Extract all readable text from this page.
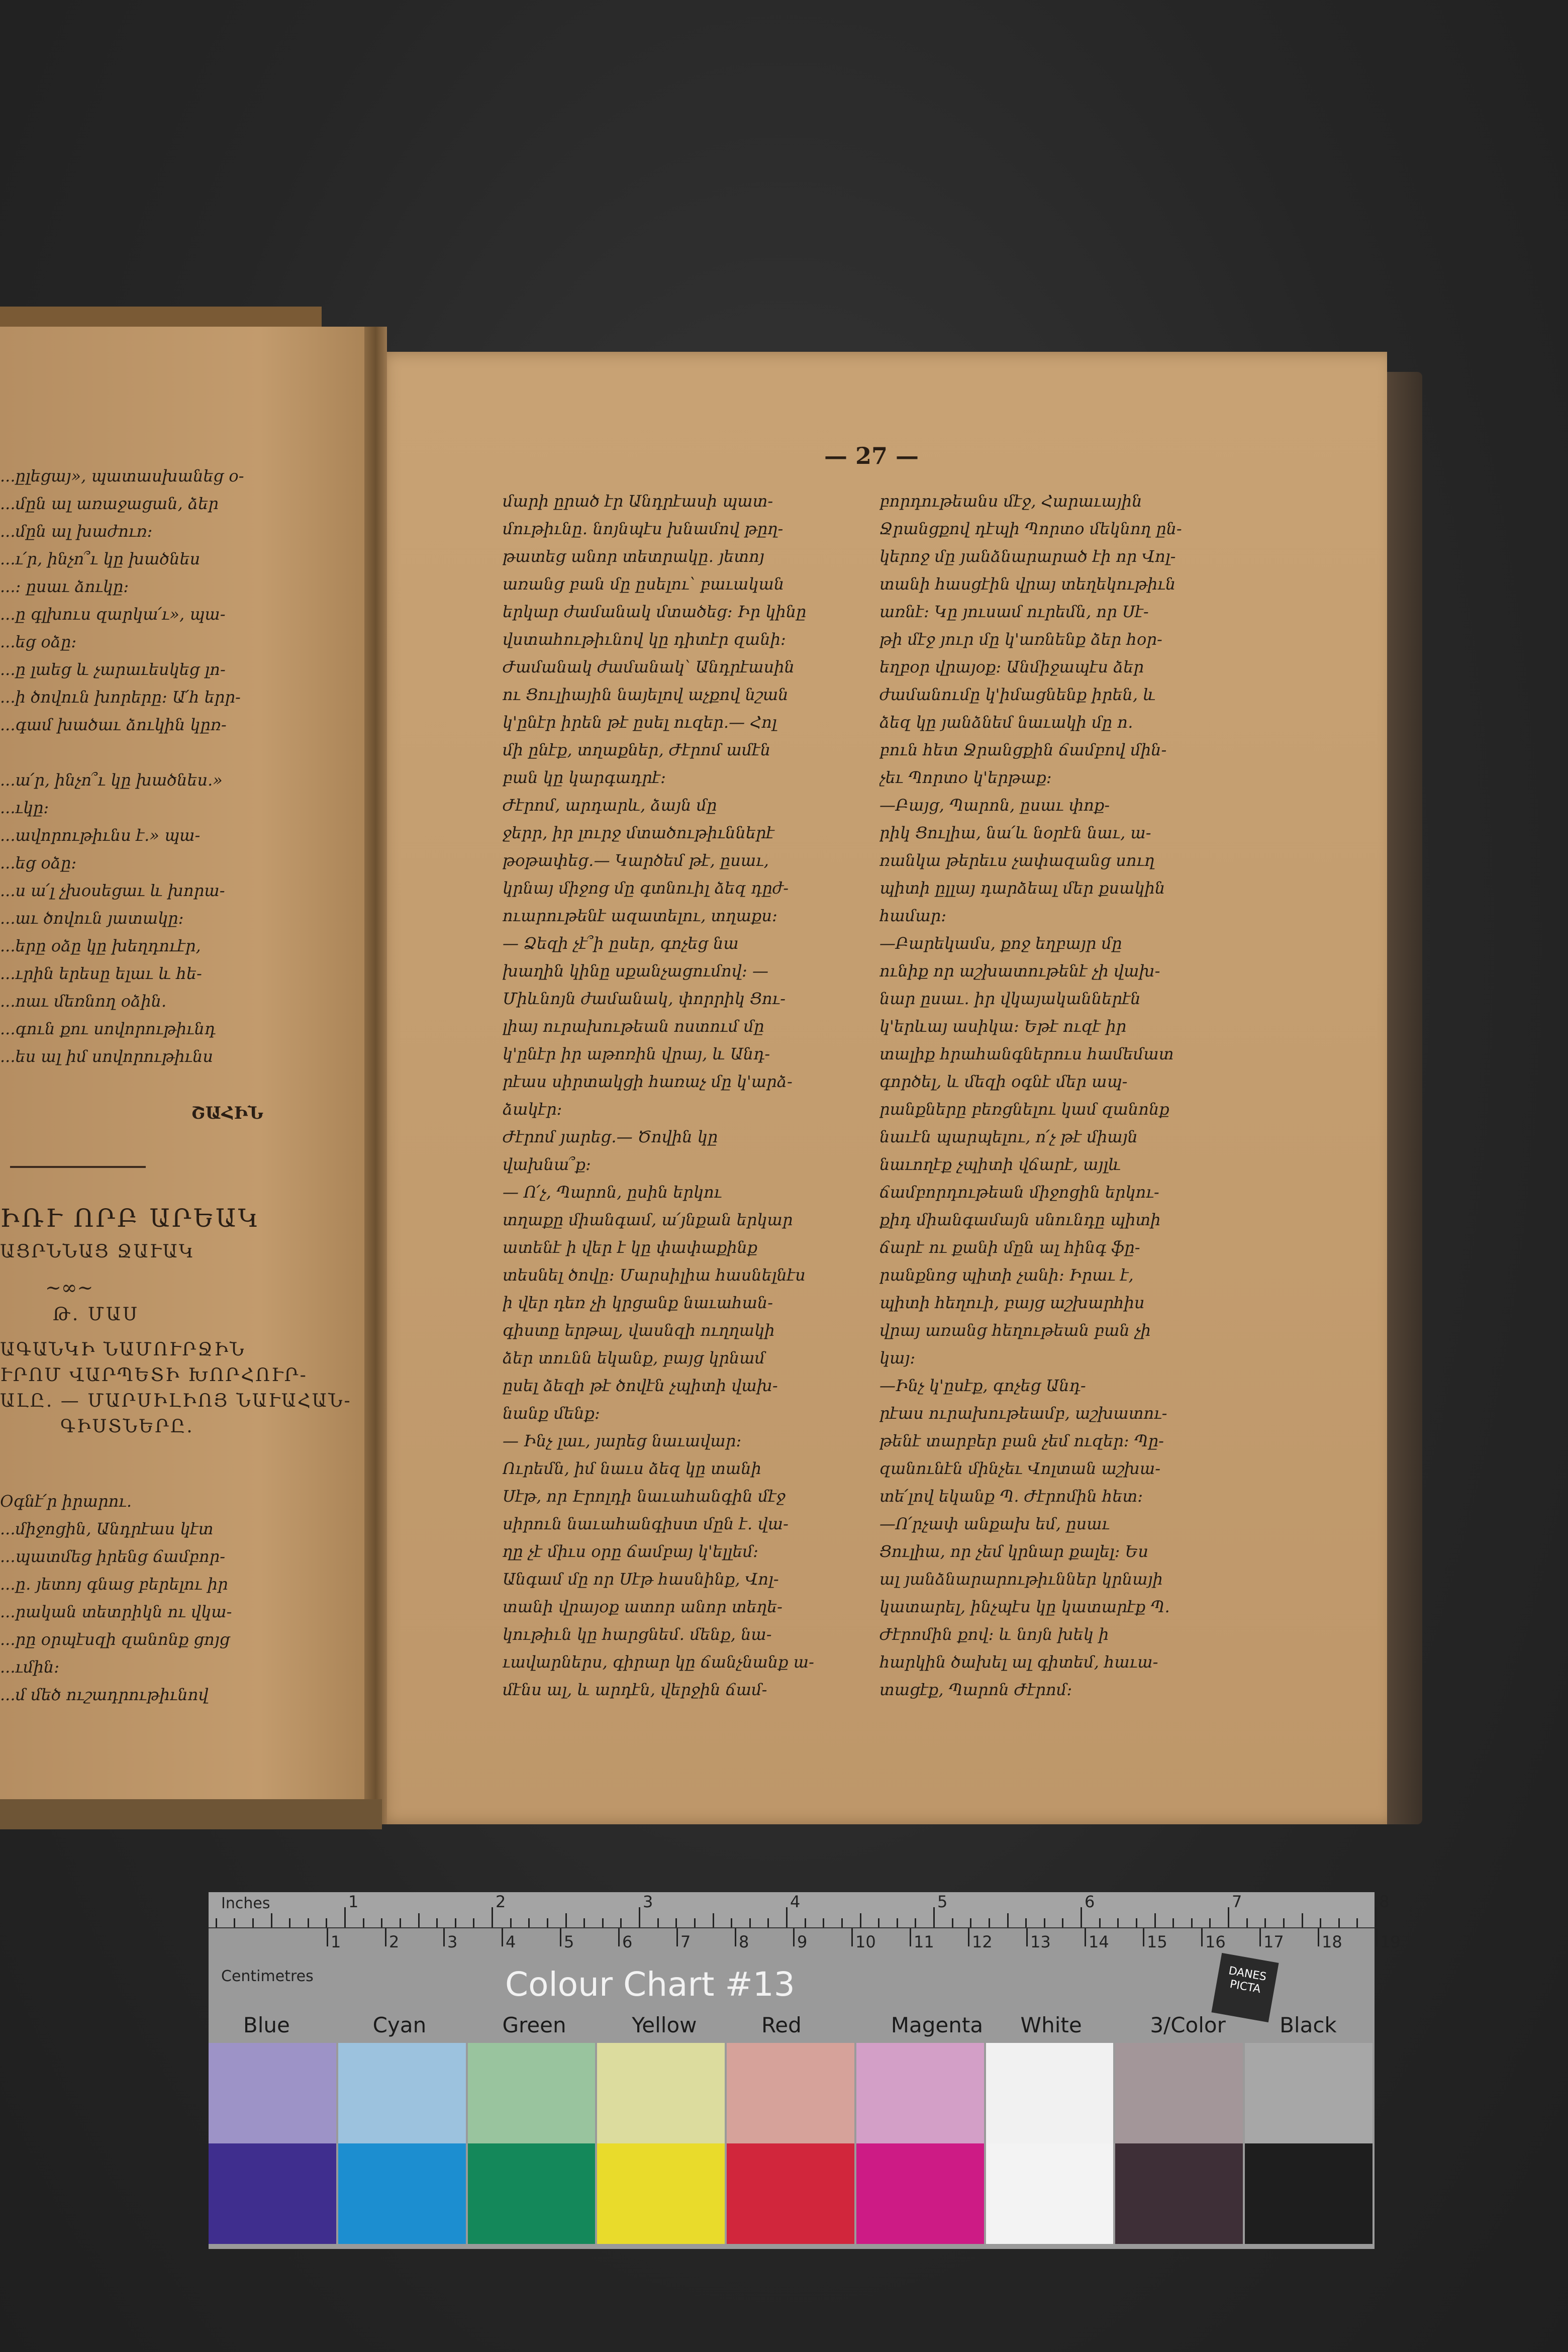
— 27 —

...ըլեցայ», պատասխանեց օ-

...մըն ալ առաջացան, ձեր

...մըն ալ խաժուռ։

...ւ՛ր, ինչո՞ւ կը խածնես

...։ ըսաւ ձուկը։

...ը գլխուս զարկա՛ւ», պա-

...եց օձը։

...ը լաեց և չարաւեսկեց լո-

...ի ծովուն խորերը։ Ա՛հ երր-

...գամ խածաւ ձուկին կըռ-

...ա՛ր, ինչո՞ւ կը խածնես.»

...ւկը։

...ավորութիւնս է.» պա-

...եց օձը։

...ս ա՛լ չխօսեցաւ և խորա-

...աւ ծովուն յատակը։

...երը օձը կը խեղդուէր,

...ւրին երեսը ելաւ և հե-

...ոաւ մեռնող օձին.

...գուն քու սովորութիւնդ

...ես ալ իմ սովորութիւնս

ՇԱՀԻՆ
ԻՌՒ ՈՐԲ ԱՐԵԱԿ
ԱՑՐՆՆԱՑ ՋԱՒԱԿ
~∞~
Թ. ՄԱՍ
ԱԳԱՆԿԻ ՆԱՄՈՒՐՋԻՆ
ՒՐՈՄ ՎԱՐՊԵՏԻ ԽՈՐՀՈՒՐ-
ԱԼԸ. — ՄԱՐՍԻԼԻՈՅ ՆԱՒԱՀԱՆ-
ԳԻՍՏՆԵՐԸ.

Օգնէ՛ր իրարու.

...միջոցին, Անդրէաս կէտ

...պատմեց իրենց ճամբոր-

...ը․ յետոյ գնաց բերելու իր

...րական տետրիկն ու վկա-

...րը օրպէսզի զանոնք ցոյց

...ւմին։

...մ մեծ ուշադրութիւնով

մարի ըրած էր Անդրէասի պատ-

մութիւնը․ նոյնպէս խնամով թըղ-

թատեց անոր տետրակը․ յետոյ

առանց բան մը ըսելու՝ բաւական

երկար ժամանակ մտածեց։ Իր կինը

վստահութիւնով կը դիտէր զանի։

Ժամանակ ժամանակ՝ Անդրէասին

ու Ցուլիային նայելով աչքով նշան

կ'ընէր իրեն թէ ըսել ուզեր.— Հոլ

մի ընէք, տղաքներ, Ժէրոմ ամէն

բան կը կարգադրէ։

Ժէրոմ, արդարև, ձայն մը

ջերր, իր լուրջ մտածութիւններէ

թօթափեց․— Կարծեմ թէ, ըսաւ,

կրնայ միջոց մը գտնուիլ ձեզ դըժ-

ուարութենէ ազատելու, տղաքս։

— Ձեզի չէ՞ի ըսեր, գոչեց նա

խաղին կինը սքանչացումով։ —

Միևնոյն ժամանակ, փորրիկ Ցու-

լիայ ուրախութեան ոստում մը

կ'ընէր իր աթոռին վրայ, և Անդ-

րէաս սիրտակցի հառաչ մը կ'արձ-

ձակէր։

Ժէրոմ յարեց․— Ծովին կը

վախնա՞ք։

— Ո՛չ, Պարոն, ըսին երկու

տղաքը միանգամ, ա՛յնքան երկար

ատենէ ի վեր է կը փափաքինք

տեսնել ծովը։ Մարսիլիա հասնելնէս

ի վեր դեռ չի կրցանք նաւահան-

գիստը երթալ, վասնզի ուղղակի

ձեր տունն եկանք, բայց կրնամ

ըսել ձեզի թէ ծովէն չպիտի վախ-

նանք մենք։

— Ինչ լաւ, յարեց նաւավար։

Ուրեմն, իմ նաւս ձեզ կը տանի

Սէթ, որ Էրոլդի նաւահանգին մէջ

սիրուն նաւահանգիստ մըն է․ վա-

ղը չէ միւս օրը ճամբայ կ'ելլեմ։

Անգամ մը որ Սէթ հասնինք, Վոլ-

տանի վրայօք ատոր անոր տեղե-

կութիւն կը հարցնեմ․ մենք, նա-

ւավարներս, գիրար կը ճանչնանք ա-

մէնս ալ, և արդէն, վերջին ճամ-

բորդութեանս մէջ, Հարաւային

Ջրանցքով դէպի Պորտօ մեկնող ըն-

կերոջ մը յանձնարարած էի որ Վոլ-

տանի հասցէին վրայ տեղեկութիւն

առնէ։ Կը յուսամ ուրեմն, որ Սէ-

թի մէջ յուր մը կ'առնենք ձեր հօր-

եղբօր վրայօք։ Անմիջապէս ձեր

ժամանումը կ'իմացնենք իրեն, և

ձեզ կը յանձնեմ նաւակի մը ո․

բուն հետ Ջրանցքին ճամբով մին-

չեւ Պորտօ կ'երթաք։

—Բայց, Պարոն, ըսաւ փոք-

րիկ Ցուլիա, նա՛և նօրէն նաւ, ա-

ռանկա թերեւս չափազանց սուղ

պիտի ըլլայ դարձեալ մեր քսակին

համար։

—Բարեկամս, քոջ եղբայր մը

ունիք որ աշխատութենէ չի վախ-

նար ըսաւ․ իր վկայականներէն

կ'երևայ ասիկա։ Եթէ ուզէ իր

տալիք հրահանգներուս համեմատ

գործել, և մեզի օգնէ մեր ապ-

րանքները բեռցնելու կամ զանոնք

նաւէն պարպելու, ո՛չ թէ միայն

նաւողէք չպիտի վճարէ, այլև

ճամբորդութեան միջոցին երկու-

քիդ միանգամայն սնունդը պիտի

ճարէ ու քանի մըն ալ հինգ ֆը-

րանքնոց պիտի չանի։ Իրաւ է,

պիտի հեղուի, բայց աշխարհիս

վրայ առանց հեղութեան բան չի

կայ։

—Ինչ կ'ըսէք, գոչեց Անդ-

րէաս ուրախութեամբ, աշխատու-

թենէ տարբեր բան չեմ ուզեր։ Պը-

զանունէն մինչեւ Վոլտան աշխա-

տե՛լով եկանք Պ. Ժէրոմին հետ։

—Ո՛րչափ անքախ եմ, ըսաւ

Ցուլիա, որ չեմ կրնար քալել։ Ես

ալ յանձնարարութիւններ կրնայի

կատարել, ինչպէս կը կատարէք Պ.

Ժէրոմին քով։ և նոյն խեկ ի

հարկին ծախել ալ գիտեմ, հաւա-

տացէք, Պարոն Ժէրոմ։

Inches	1	2	3	4	5	6	7	8
1	2	3	4	5	6	7	8	9	10 11 12 13 14 15 16 17 18 19
Centimetres	Colour Chart #13	DANES PICTA
Blue	Cyan	Green	Yellow	Red	Magenta White	3/Color	Black
